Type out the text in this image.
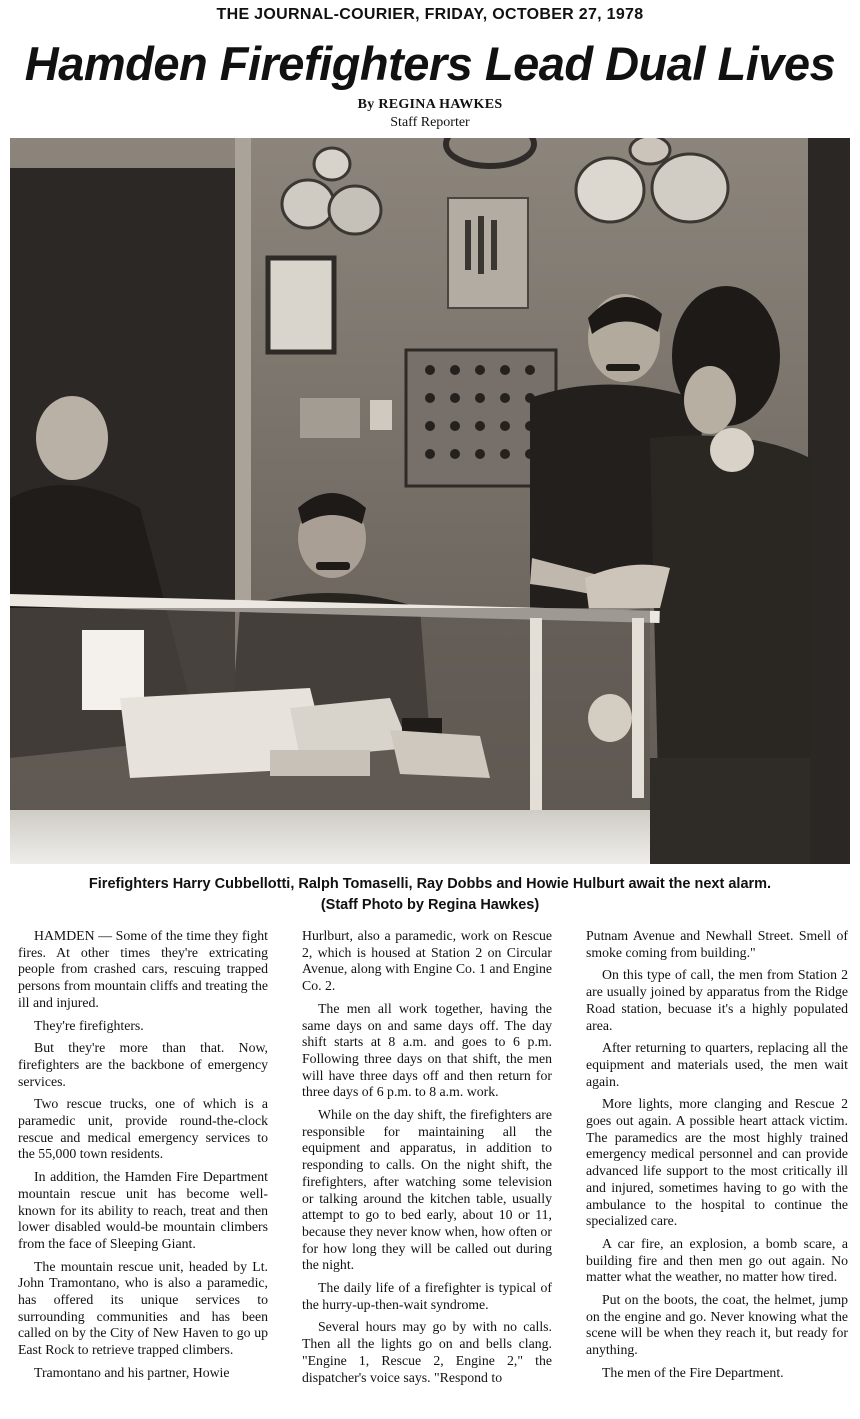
THE JOURNAL-COURIER, FRIDAY, OCTOBER 27, 1978
Hamden Firefighters Lead Dual Lives
By REGINA HAWKES
Staff Reporter
Firefighters Harry Cubbellotti, Ralph Tomaselli, Ray Dobbs and Howie Hulburt await the next alarm.
(Staff Photo by Regina Hawkes)

HAMDEN — Some of the time they fight fires. At other times they're extricating people from crashed cars, rescuing trapped persons from mountain cliffs and treating the ill and injured.

They're firefighters.

But they're more than that. Now, firefighters are the backbone of emergency services.

Two rescue trucks, one of which is a paramedic unit, provide round-the-clock rescue and medical emergency services to the 55,000 town residents.

In addition, the Hamden Fire Department mountain rescue unit has become well-known for its ability to reach, treat and then lower disabled would-be mountain climbers from the face of Sleeping Giant.

The mountain rescue unit, headed by Lt. John Tramontano, who is also a paramedic, has offered its unique services to surrounding communities and has been called on by the City of New Haven to go up East Rock to retrieve trapped climbers.

Tramontano and his partner, Howie

Hurlburt, also a paramedic, work on Rescue 2, which is housed at Station 2 on Circular Avenue, along with Engine Co. 1 and Engine Co. 2.

The men all work together, having the same days on and same days off. The day shift starts at 8 a.m. and goes to 6 p.m. Following three days on that shift, the men will have three days off and then return for three days of 6 p.m. to 8 a.m. work.

While on the day shift, the firefighters are responsible for maintaining all the equipment and apparatus, in addition to responding to calls. On the night shift, the firefighters, after watching some television or talking around the kitchen table, usually attempt to go to bed early, about 10 or 11, because they never know when, how often or for how long they will be called out during the night.

The daily life of a firefighter is typical of the hurry-up-then-wait syndrome.

Several hours may go by with no calls. Then all the lights go on and bells clang. "Engine 1, Rescue 2, Engine 2," the dispatcher's voice says. "Respond to

Putnam Avenue and Newhall Street. Smell of smoke coming from building."

On this type of call, the men from Station 2 are usually joined by apparatus from the Ridge Road station, becuase it's a highly populated area.

After returning to quarters, replacing all the equipment and materials used, the men wait again.

More lights, more clanging and Rescue 2 goes out again. A possible heart attack victim. The paramedics are the most highly trained emergency medical personnel and can provide advanced life support to the most critically ill and injured, sometimes having to go with the ambulance to the hospital to continue the specialized care.

A car fire, an explosion, a bomb scare, a building fire and then men go out again. No matter what the weather, no matter how tired.

Put on the boots, the coat, the helmet, jump on the engine and go. Never knowing what the scene will be when they reach it, but ready for anything.

The men of the Fire Department.
